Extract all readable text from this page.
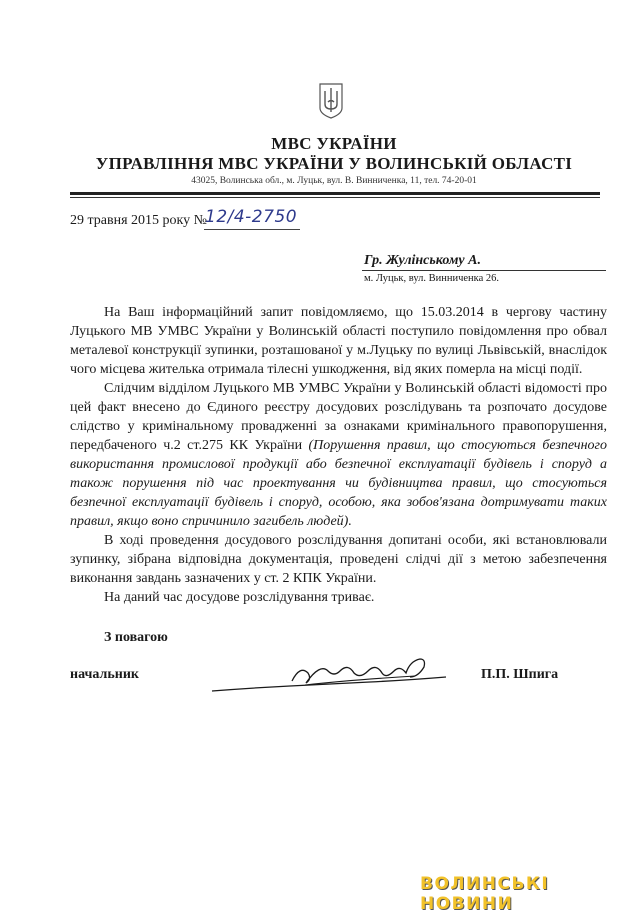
МВС УКРАЇНИ
УПРАВЛІННЯ МВС УКРАЇНИ У ВОЛИНСЬКІЙ ОБЛАСТІ
43025, Волинська обл., м. Луцьк, вул. В. Винниченка, 11, тел. 74-20-01
29 травня 2015 року №
12/4-2750
Гр. Жулінському А.
м. Луцьк, вул. Винниченка 26.

На Ваш інформаційний запит повідомляємо, що 15.03.2014 в чергову частину Луцького МВ УМВС України у Волинській області поступило повідомлення про обвал металевої конструкції зупинки, розташованої у м.Луцьку по вулиці Львівській, внаслідок чого місцева жителька отримала тілесні ушкодження, від яких померла на місці події.

Слідчим відділом Луцького МВ УМВС України у Волинській області відомості про цей факт внесено до Єдиного реєстру досудових розслідувань та розпочато досудове слідство у кримінальному провадженні за ознаками кримінального правопорушення, передбаченого ч.2 ст.275 КК України (Порушення правил, що стосуються безпечного використання промислової продукції або безпечної експлуатації будівель і споруд а також порушення під час проектування чи будівництва правил, що стосуються безпечної експлуатації будівель і споруд, особою, яка зобов'язана дотримувати таких правил, якщо воно спричинило загибель людей).

В ході проведення досудового розслідування допитані особи, які встановлювали зупинку, зібрана відповідна документація, проведені слідчі дії з метою забезпечення виконання завдань зазначених у ст. 2 КПК України.

На даний час досудове розслідування триває.

З повагою
начальник	П.П. Шпига
ВОЛИНСЬКІ НОВИНИ
